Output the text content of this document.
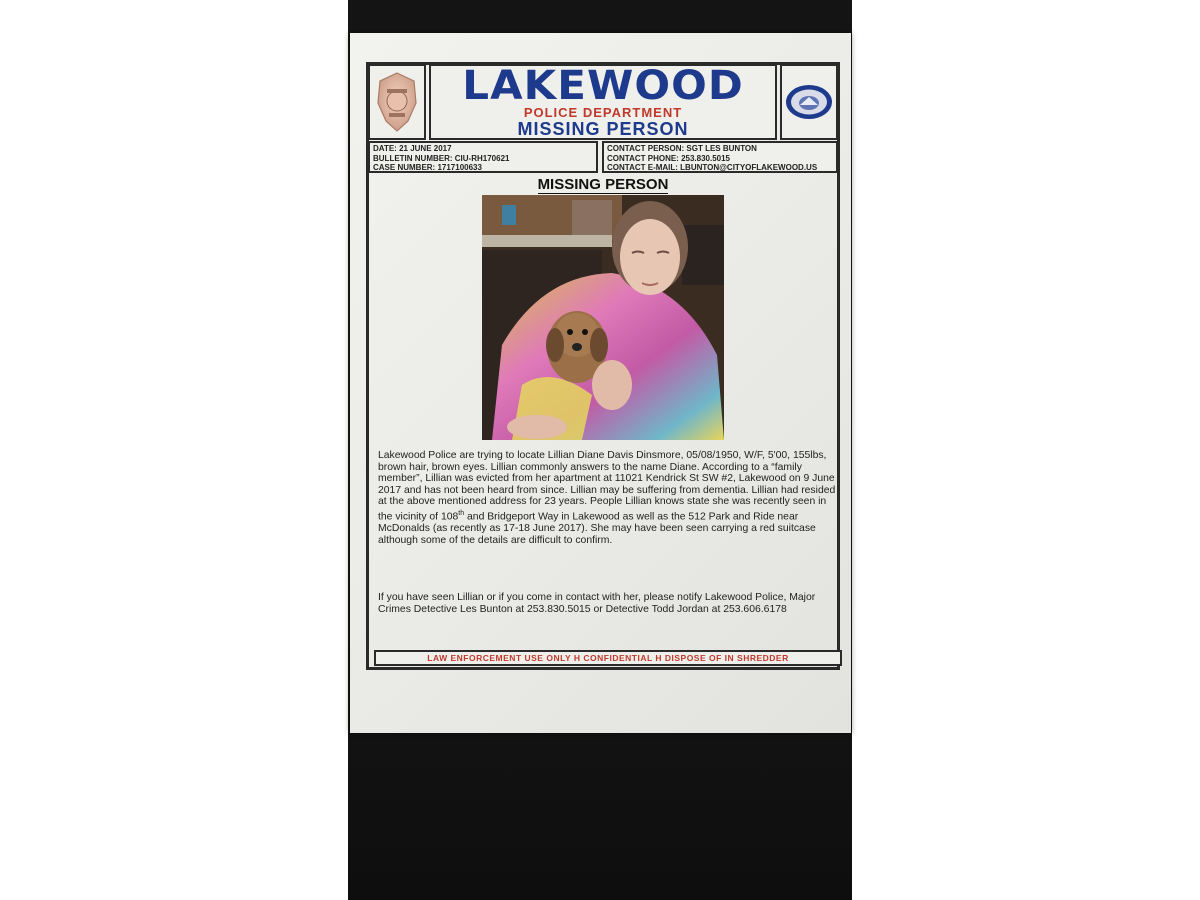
LAKEWOOD
POLICE DEPARTMENT
MISSING PERSON
DATE: 21 JUNE 2017
BULLETIN NUMBER: CIU-RH170621
CASE NUMBER: 1717100633
CONTACT PERSON: SGT LES BUNTON
CONTACT PHONE: 253.830.5015
CONTACT E-MAIL: LBUNTON@CITYOFLAKEWOOD.US
MISSING PERSON
Lakewood Police are trying to locate Lillian Diane Davis Dinsmore, 05/08/1950, W/F, 5'00, 155lbs, brown hair, brown eyes. Lillian commonly answers to the name Diane. According to a “family member”, Lillian was evicted from her apartment at 11021 Kendrick St SW #2, Lakewood on 9 June 2017 and has not been heard from since. Lillian may be suffering from dementia. Lillian had resided at the above mentioned address for 23 years. People Lillian knows state she was recently seen in the vicinity of 108th and Bridgeport Way in Lakewood as well as the 512 Park and Ride near McDonalds (as recently as 17-18 June 2017). She may have been seen carrying a red suitcase although some of the details are difficult to confirm.
If you have seen Lillian or if you come in contact with her, please notify Lakewood Police, Major Crimes Detective Les Bunton at 253.830.5015 or Detective Todd Jordan at 253.606.6178
LAW ENFORCEMENT USE ONLY H CONFIDENTIAL H DISPOSE OF IN SHREDDER
